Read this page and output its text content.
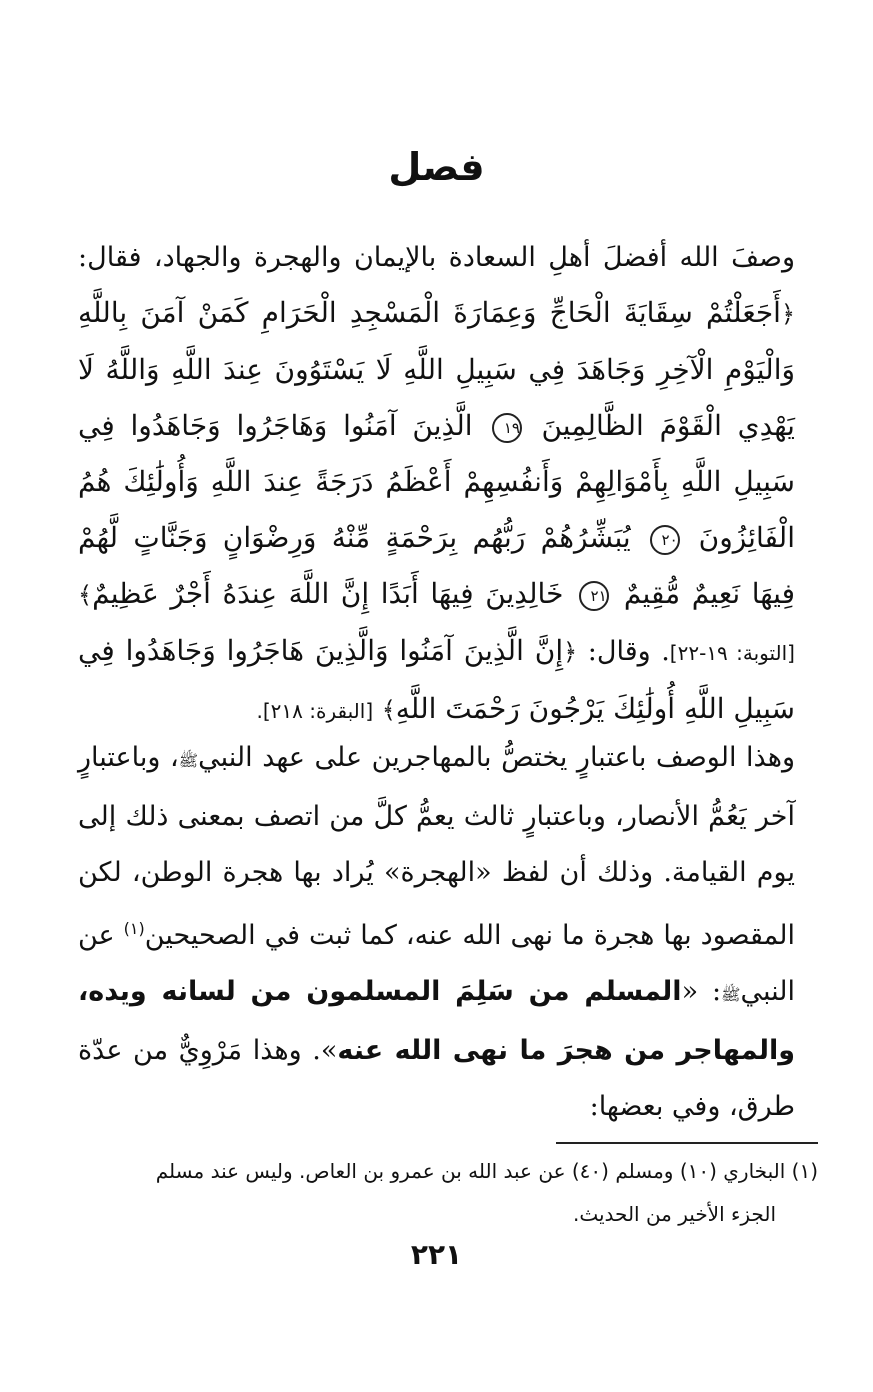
فصل
وصفَ الله أفضلَ أهلِ السعادة بالإيمان والهجرة والجهاد، فقال: ﴿أَجَعَلْتُمْ سِقَايَةَ الْحَاجِّ وَعِمَارَةَ الْمَسْجِدِ الْحَرَامِ كَمَنْ آمَنَ بِاللَّهِ وَالْيَوْمِ الْآخِرِ وَجَاهَدَ فِي سَبِيلِ اللَّهِ لَا يَسْتَوُونَ عِندَ اللَّهِ وَاللَّهُ لَا يَهْدِي الْقَوْمَ الظَّالِمِينَ ١٩ الَّذِينَ آمَنُوا وَهَاجَرُوا وَجَاهَدُوا فِي سَبِيلِ اللَّهِ بِأَمْوَالِهِمْ وَأَنفُسِهِمْ أَعْظَمُ دَرَجَةً عِندَ اللَّهِ وَأُولَٰئِكَ هُمُ الْفَائِزُونَ ٢٠ يُبَشِّرُهُمْ رَبُّهُم بِرَحْمَةٍ مِّنْهُ وَرِضْوَانٍ وَجَنَّاتٍ لَّهُمْ فِيهَا نَعِيمٌ مُّقِيمٌ ٢١ خَالِدِينَ فِيهَا أَبَدًا إِنَّ اللَّهَ عِندَهُ أَجْرٌ عَظِيمٌ﴾ [التوبة: ١٩-٢٢]. وقال: ﴿إِنَّ الَّذِينَ آمَنُوا وَالَّذِينَ هَاجَرُوا وَجَاهَدُوا فِي سَبِيلِ اللَّهِ أُولَٰئِكَ يَرْجُونَ رَحْمَتَ اللَّهِ﴾ [البقرة: ٢١٨].
وهذا الوصف باعتبارٍ يختصُّ بالمهاجرين على عهد النبيﷺ، وباعتبارٍ آخر يَعُمُّ الأنصار، وباعتبارٍ ثالث يعمُّ كلَّ من اتصف بمعنى ذلك إلى يوم القيامة. وذلك أن لفظ «الهجرة» يُراد بها هجرة الوطن، لكن المقصود بها هجرة ما نهى الله عنه، كما ثبت في الصحيحين$^{(١)}$ عن النبيﷺ: «المسلم من سَلِمَ المسلمون من لسانه ويده، والمهاجر من هجرَ ما نهى الله عنه». وهذا مَرْوِيٌّ من عدّة طرق، وفي بعضها:
(١) البخاري (١٠) ومسلم (٤٠) عن عبد الله بن عمرو بن العاص. وليس عند مسلم
الجزء الأخير من الحديث.
٢٢١
